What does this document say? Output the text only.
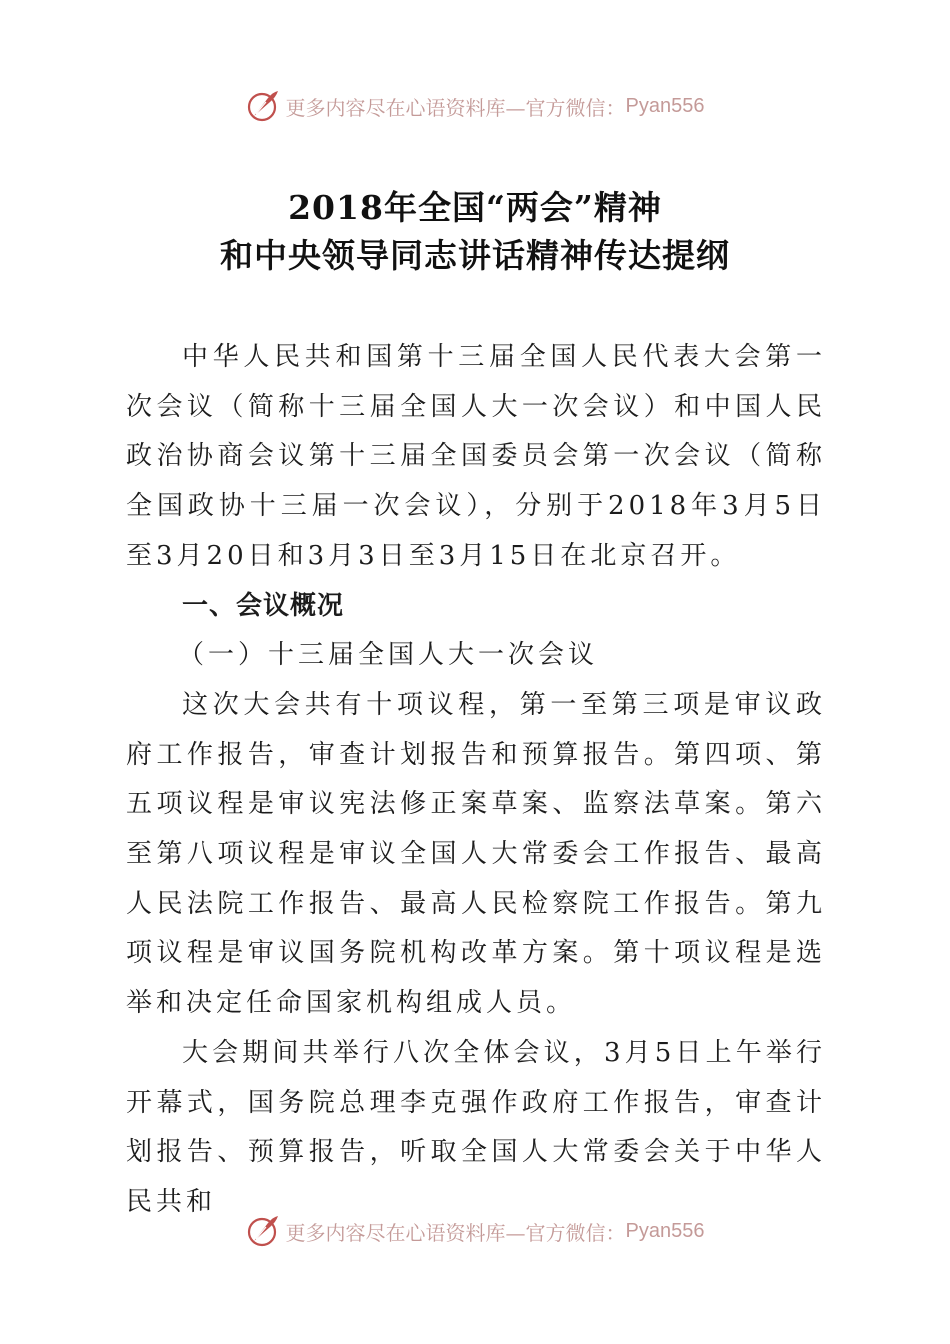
更多内容尽在心语资料库—官方微信： Pyan556
2018年全国“两会”精神
和中央领导同志讲话精神传达提纲

中华人民共和国第十三届全国人民代表大会第一次会议（简称十三届全国人大一次会议）和中国人民政治协商会议第十三届全国委员会第一次会议（简称全国政协十三届一次会议），分别于2018年3月5日至3月20日和3月3日至3月15日在北京召开。

一、会议概况
（一）十三届全国人大一次会议

这次大会共有十项议程，第一至第三项是审议政府工作报告，审查计划报告和预算报告。第四项、第五项议程是审议宪法修正案草案、监察法草案。第六至第八项议程是审议全国人大常委会工作报告、最高人民法院工作报告、最高人民检察院工作报告。第九项议程是审议国务院机构改革方案。第十项议程是选举和决定任命国家机构组成人员。

大会期间共举行八次全体会议，3月5日上午举行开幕式，国务院总理李克强作政府工作报告，审查计划报告、预算报告，听取全国人大常委会关于中华人民共和

更多内容尽在心语资料库—官方微信： Pyan556
